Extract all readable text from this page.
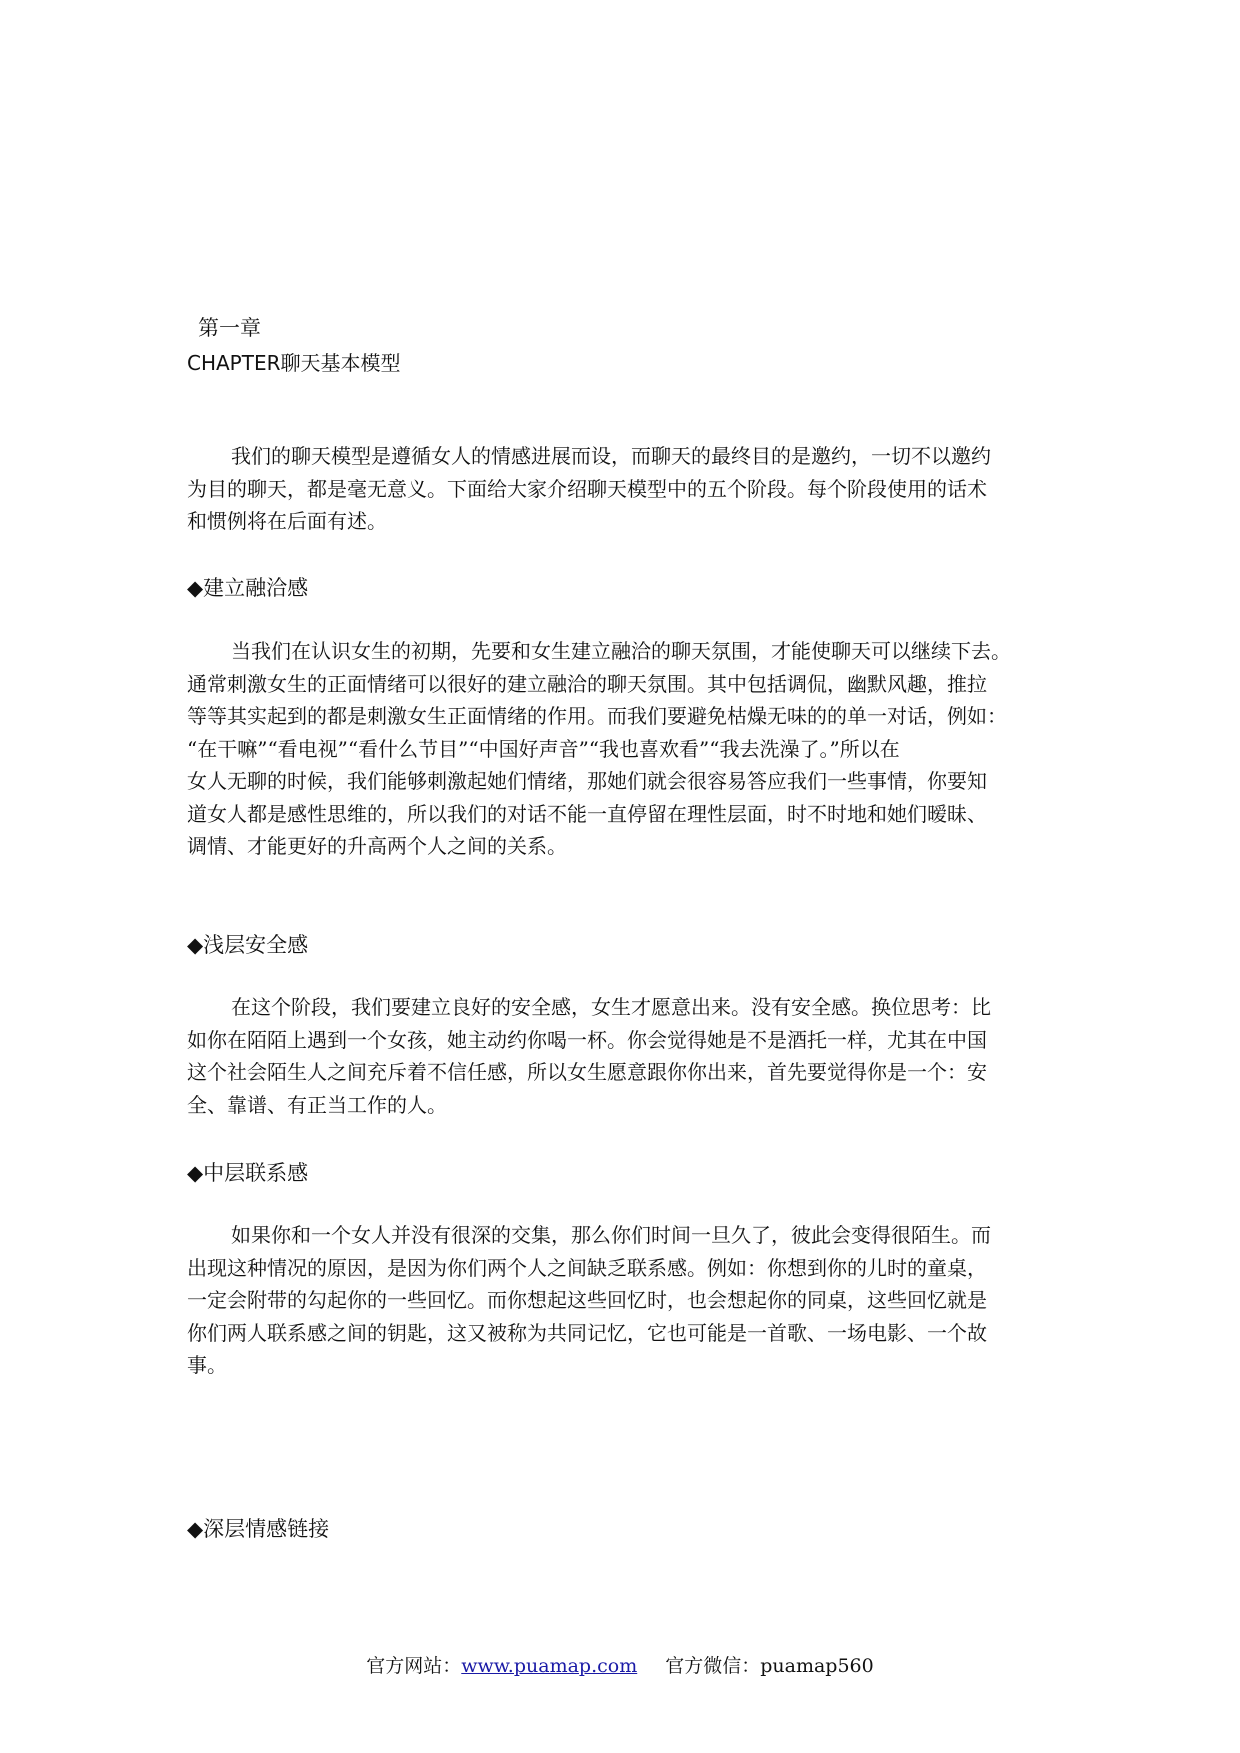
第一章
CHAPTER聊天基本模型
我们的聊天模型是遵循女人的情感进展而设，而聊天的最终目的是邀约，一切不以邀约
为目的聊天，都是毫无意义。下面给大家介绍聊天模型中的五个阶段。每个阶段使用的话术
和惯例将在后面有述。
◆建立融洽感
当我们在认识女生的初期，先要和女生建立融洽的聊天氛围，才能使聊天可以继续下去。
通常刺激女生的正面情绪可以很好的建立融洽的聊天氛围。其中包括调侃，幽默风趣，推拉
等等其实起到的都是刺激女生正面情绪的作用。而我们要避免枯燥无味的的单一对话，例如：
“在干嘛”“看电视”“看什么节目”“中国好声音”“我也喜欢看”“我去洗澡了。”所以在
女人无聊的时候，我们能够刺激起她们情绪，那她们就会很容易答应我们一些事情，你要知
道女人都是感性思维的，所以我们的对话不能一直停留在理性层面，时不时地和她们暧昧、
调情、才能更好的升高两个人之间的关系。
◆浅层安全感
在这个阶段，我们要建立良好的安全感，女生才愿意出来。没有安全感。换位思考：比
如你在陌陌上遇到一个女孩，她主动约你喝一杯。你会觉得她是不是酒托一样，尤其在中国
这个社会陌生人之间充斥着不信任感，所以女生愿意跟你你出来，首先要觉得你是一个：安
全、靠谱、有正当工作的人。
◆中层联系感
如果你和一个女人并没有很深的交集，那么你们时间一旦久了，彼此会变得很陌生。而
出现这种情况的原因，是因为你们两个人之间缺乏联系感。例如：你想到你的儿时的童桌，
一定会附带的勾起你的一些回忆。而你想起这些回忆时，也会想起你的同桌，这些回忆就是
你们两人联系感之间的钥匙，这又被称为共同记忆，它也可能是一首歌、一场电影、一个故
事。
◆深层情感链接
官方网站：www.puamap.com 官方微信：puamap560
